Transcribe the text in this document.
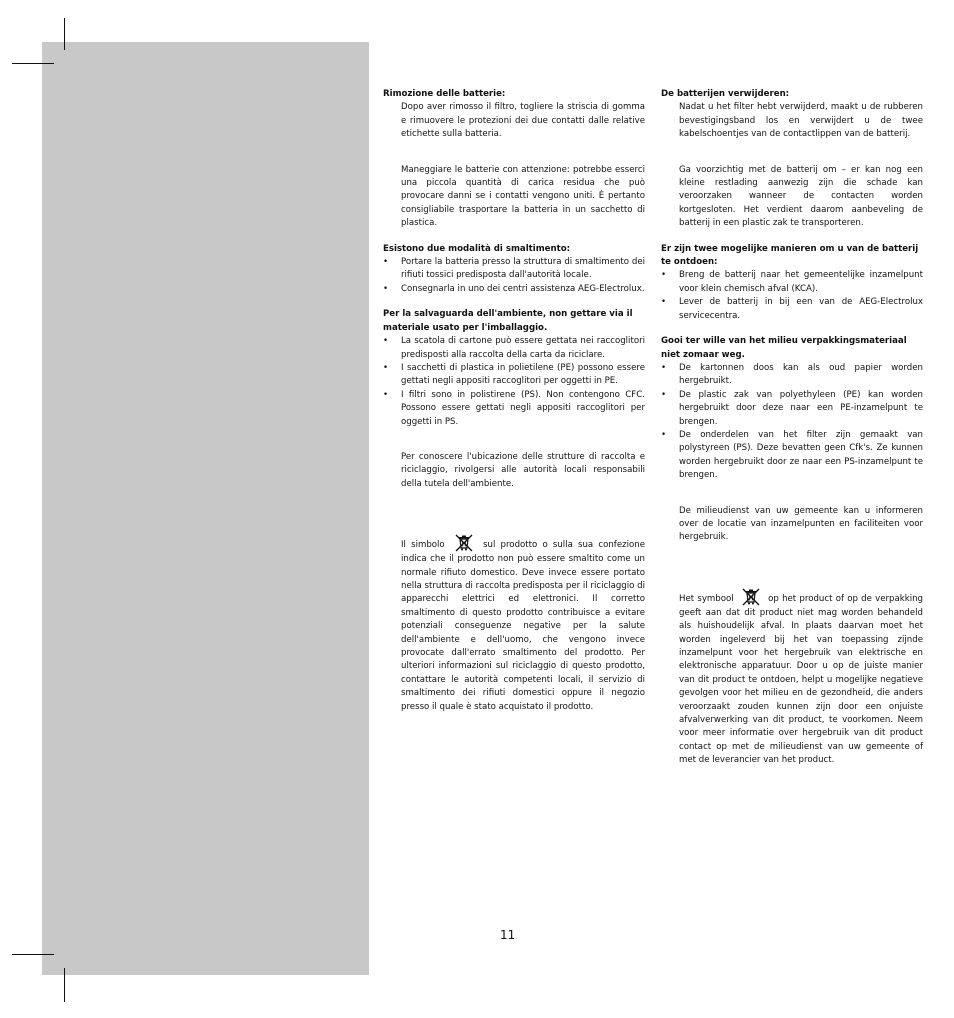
Rimozione delle batterie:

Dopo aver rimosso il filtro, togliere la striscia di gomma e rimuovere le protezioni dei due contatti dalle relative etichette sulla batteria.

Maneggiare le batterie con attenzione: potrebbe esserci una piccola quantità di carica residua che può provocare danni se i contatti vengono uniti. È pertanto consigliabile trasportare la batteria in un sacchetto di plastica.

Esistono due modalità di smaltimento:

• Portare la batteria presso la struttura di smaltimento dei rifiuti tossici predisposta dall'autorità locale.
• Consegnarla in uno dei centri assistenza AEG-Electrolux.

Per la salvaguarda dell'ambiente, non gettare via il materiale usato per l'imballaggio.

• La scatola di cartone può essere gettata nei raccoglitori predisposti alla raccolta della carta da riciclare.
• I sacchetti di plastica in polietilene (PE) possono essere gettati negli appositi raccoglitori per oggetti in PE.
• I filtri sono in polistirene (PS). Non contengono CFC. Possono essere gettati negli appositi raccoglitori per oggetti in PS.

Per conoscere l'ubicazione delle strutture di raccolta e riciclaggio, rivolgersi alle autorità locali responsabili della tutela dell'ambiente.

Il simbolo	sul prodotto o sulla sua confezione indica che il prodotto non può essere smaltito come un normale rifiuto domestico. Deve invece essere portato nella struttura di raccolta predisposta per il riciclaggio di apparecchi elettrici ed elettronici. Il corretto smaltimento di questo prodotto contribuisce a evitare potenziali conseguenze negative per la salute dell'ambiente e dell'uomo, che vengono invece provocate dall'errato smaltimento del prodotto. Per ulteriori informazioni sul riciclaggio di questo prodotto, contattare le autorità competenti locali, il servizio di smaltimento dei rifiuti domestici oppure il negozio presso il quale è stato acquistato il prodotto.

De batterijen verwijderen:

Nadat u het filter hebt verwijderd, maakt u de rubberen bevestigingsband los en verwijdert u de twee kabelschoentjes van de contactlippen van de batterij.

Ga voorzichtig met de batterij om – er kan nog een kleine restlading aanwezig zijn die schade kan veroorzaken wanneer de contacten worden kortgesloten. Het verdient daarom aanbeveling de batterij in een plastic zak te transporteren.

Er zijn twee mogelijke manieren om u van de batterij te ontdoen:

• Breng de batterij naar het gemeentelijke inzamelpunt voor klein chemisch afval (KCA).
• Lever de batterij in bij een van de AEG-Electrolux servicecentra.

Gooi ter wille van het milieu verpakkingsmateriaal niet zomaar weg.

• De kartonnen doos kan als oud papier worden hergebruikt.
• De plastic zak van polyethyleen (PE) kan worden hergebruikt door deze naar een PE-inzamelpunt te brengen.
• De onderdelen van het filter zijn gemaakt van polystyreen (PS). Deze bevatten geen Cfk's. Ze kunnen worden hergebruikt door ze naar een PS-inzamelpunt te brengen.

De milieudienst van uw gemeente kan u informeren over de locatie van inzamelpunten en faciliteiten voor hergebruik.

Het symbool	op het product of op de verpakking geeft aan dat dit product niet mag worden behandeld als huishoudelijk afval. In plaats daarvan moet het worden ingeleverd bij het van toepassing zijnde inzamelpunt voor het hergebruik van elektrische en elektronische apparatuur. Door u op de juiste manier van dit product te ontdoen, helpt u mogelijke negatieve gevolgen voor het milieu en de gezondheid, die anders veroorzaakt zouden kunnen zijn door een onjuiste afvalverwerking van dit product, te voorkomen. Neem voor meer informatie over hergebruik van dit product contact op met de milieudienst van uw gemeente of met de leverancier van het product.

11
